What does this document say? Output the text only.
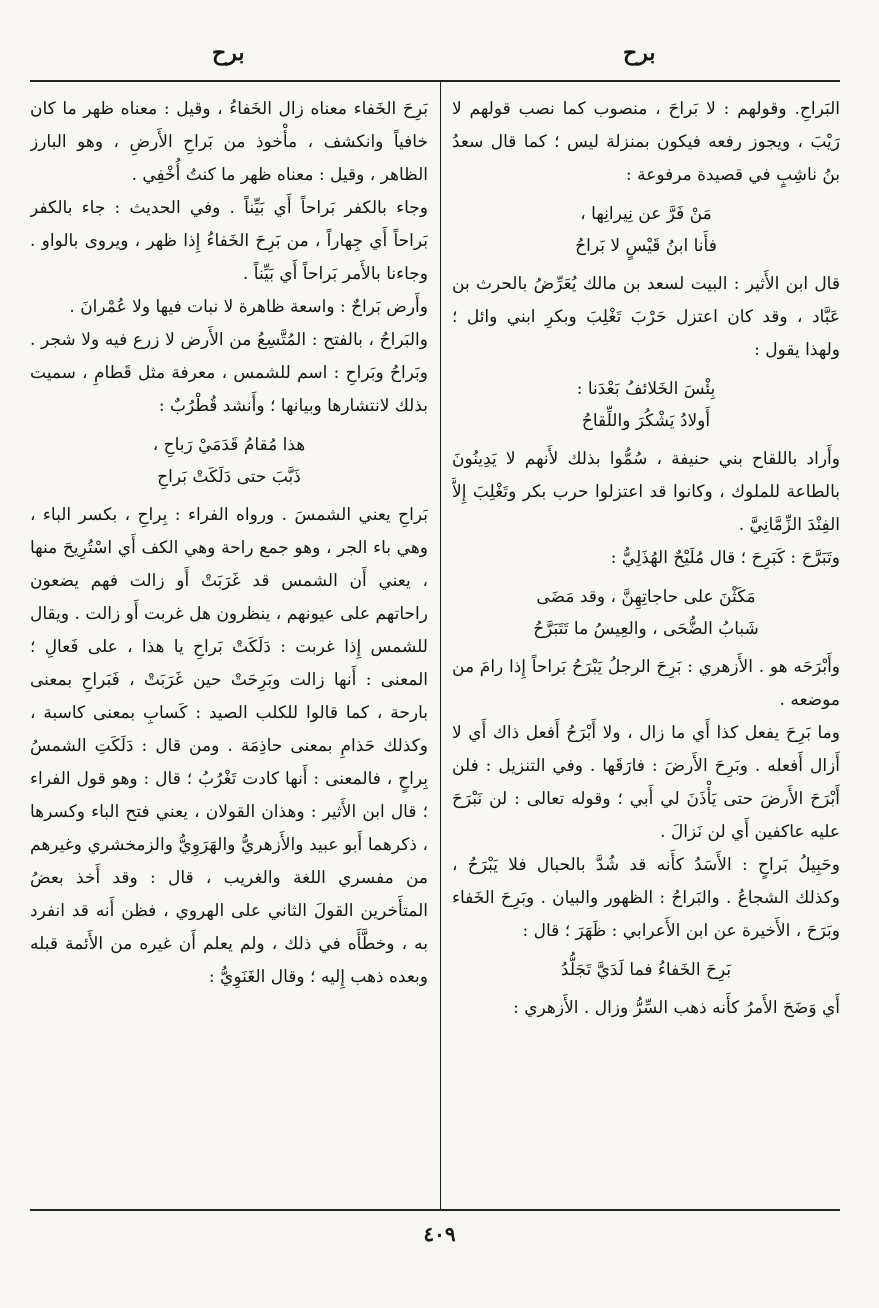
برح
برح

البَراحِ. وقولهم : لا بَراحَ ، منصوب كما نصب قولهم لا رَيْبَ ، ويجوز رفعه فيكون بمنزلة ليس ؛ كما قال سعدُ بنُ ناشِبٍ في قصيدة مرفوعة :

مَنْ فَرَّ عن نِيرانِها ،
فأَنا ابنُ قَيْسٍ لا بَراحُ

قال ابن الأَثير : البيت لسعد بن مالك يُعَرِّضُ بالحرث بن عَبَّاد ، وقد كان اعتزل حَرْبَ تَغْلِبَ وبكرِ ابني وائل ؛ ولهذا يقول :

بِئْسَ الخَلائفُ بَعْدَنا :
أَولادُ يَشْكُرَ واللِّقاحُ

وأَراد باللقاح بني حنيفة ، سُمُّوا بذلك لأَنهم لا يَدِينُونَ بالطاعة للملوك ، وكانوا قد اعتزلوا حرب بكر وتَغْلِبَ إِلاَّ الفِنْدَ الزِّمَّانِيَّ .

وتَبَرَّحَ : كَبَرِحَ ؛ قال مُلَيْحٌ الهُذَلِيُّ :

مَكَثْنَ على حاجاتِهِنَّ ، وقد مَضَى
شَبابُ الضُّحَى ، والعِيسُ ما تَتَبَرَّحُ

وأَبْرَحَه هو . الأَزهري : بَرِحَ الرجلُ يَبْرَحُ بَراحاً إِذا رامَ من موضعه .

وما بَرِحَ يفعل كذا أَي ما زال ، ولا أَبْرَحُ أَفعل ذاك أَي لا أَزال أَفعله . وبَرِحَ الأَرضَ : فارَقَها . وفي التنزيل : فلن أَبْرَحَ الأَرضَ حتى يَأْذَنَ لي أَبي ؛ وقوله تعالى : لن نَبْرَحَ عليه عاكفين أَي لن نَزالَ .

وحَبِيلُ بَراحٍ : الأَسَدُ كأَنه قد شُدَّ بالحبال فلا يَبْرَحُ ، وكذلك الشجاعُ . والبَراحُ : الظهور والبيان . وبَرِحَ الخَفاء وبَرَحَ ، الأَخيرة عن ابن الأَعرابي : ظَهَرَ ؛ قال :

بَرِحَ الخَفاءُ فما لَدَيَّ تَجَلُّدُ

أَي وَضَحَ الأَمرُ كأَنه ذهب السِّرُّ وزال . الأَزهري :

بَرِحَ الخَفاء معناه زال الخَفاءُ ، وقيل : معناه ظهر ما كان خافياً وانكشف ، مأْخوذ من بَراحِ الأَرضِ ، وهو البارز الظاهر ، وقيل : معناه ظهر ما كنتُ أُخْفِي .

وجاء بالكفر بَراحاً أَي بَيِّناً . وفي الحديث : جاء بالكفر بَراحاً أَي جِهاراً ، من بَرِحَ الخَفاءُ إِذا ظهر ، ويروى بالواو . وجاءنا بالأَمر بَراحاً أَي بَيِّناً .

وأَرض بَراحٌ : واسعة ظاهرة لا نبات فيها ولا عُمْرانَ .

والبَراحُ ، بالفتح : المُتَّسِعُ من الأَرض لا زرع فيه ولا شجر . وبَراحُ وبَراحِ : اسم للشمس ، معرفة مثل قَطامِ ، سميت بذلك لانتشارها وبيانها ؛ وأَنشد قُطْرُبٌ :

هذا مُقامُ قَدَمَيْ رَباحِ ،
ذَبَّبَ حتى دَلَكَتْ بَراحِ

بَراحِ يعني الشمسَ . ورواه الفراء : بِراحِ ، بكسر الباء ، وهي باء الجر ، وهو جمع راحة وهي الكف أَي اسْتُرِيحَ منها ، يعني أَن الشمس قد غَرَبَتْ أَو زالت فهم يضعون راحاتهم على عيونهم ، ينظرون هل غربت أَو زالت . ويقال للشمس إِذا غربت : دَلَكَتْ بَراحِ يا هذا ، على فَعالِ ؛ المعنى : أَنها زالت وبَرِحَتْ حين غَرَبَتْ ، فَبَراحِ بمعنى بارحة ، كما قالوا للكلب الصيد : كَسابِ بمعنى كاسبة ، وكذلك حَذامِ بمعنى حاذِمَة . ومن قال : دَلَكَتِ الشمسُ بِراحٍ ، فالمعنى : أَنها كادت تَغْرُبُ ؛ قال : وهو قول الفراء ؛ قال ابن الأَثير : وهذان القولان ، يعني فتح الباء وكسرها ، ذكرهما أَبو عبيد والأَزهريُّ والهَرَوِيُّ والزمخشري وغيرهم من مفسري اللغة والغريب ، قال : وقد أَخذ بعضُ المتأَخرين القولَ الثاني على الهروي ، فظن أَنه قد انفرد به ، وخطَّأَه في ذلك ، ولم يعلم أَن غيره من الأَئمة قبله وبعده ذهب إِليه ؛ وقال الغَنَوِيُّ :

٤٠٩
